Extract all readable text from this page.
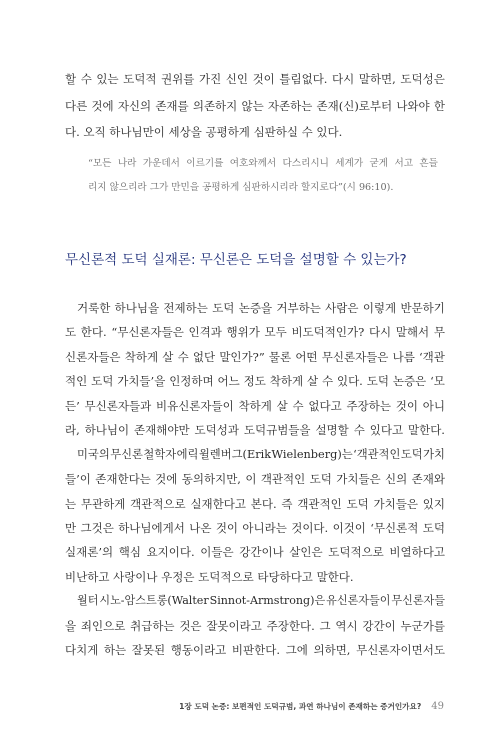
할 수 있는 도덕적 권위를 가진 신인 것이 틀림없다. 다시 말하면, 도덕성은
다른 것에 자신의 존재를 의존하지 않는 자존하는 존재(신)로부터 나와야 한
다. 오직 하나님만이 세상을 공평하게 심판하실 수 있다.
“모든 나라 가운데서 이르기를 여호와께서 다스리시니 세계가 굳게 서고 흔들
리지 않으리라 그가 만민을 공평하게 심판하시리라 할지로다”(시 96:10).
무신론적 도덕 실재론: 무신론은 도덕을 설명할 수 있는가?
거룩한 하나님을 전제하는 도덕 논증을 거부하는 사람은 이렇게 반문하기
도 한다. “무신론자들은 인격과 행위가 모두 비도덕적인가? 다시 말해서 무
신론자들은 착하게 살 수 없단 말인가?” 물론 어떤 무신론자들은 나름 ‘객관
적인 도덕 가치들’을 인정하며 어느 정도 착하게 살 수 있다. 도덕 논증은 ‘모
든’ 무신론자들과 비유신론자들이 착하게 살 수 없다고 주장하는 것이 아니
라, 하나님이 존재해야만 도덕성과 도덕규범들을 설명할 수 있다고 말한다.
미국의 무신론 철학자 에릭 윌렌버그(Erik Wielenberg)는 ‘객관적인 도덕 가치
들’이 존재한다는 것에 동의하지만, 이 객관적인 도덕 가치들은 신의 존재와
는 무관하게 객관적으로 실재한다고 본다. 즉 객관적인 도덕 가치들은 있지
만 그것은 하나님에게서 나온 것이 아니라는 것이다. 이것이 ‘무신론적 도덕
실재론’의 핵심 요지이다. 이들은 강간이나 살인은 도덕적으로 비열하다고
비난하고 사랑이나 우정은 도덕적으로 타당하다고 말한다.
월터 시노-암스트롱(Walter Sinnot-Armstrong)은 유신론자들이 무신론자들
을 죄인으로 취급하는 것은 잘못이라고 주장한다. 그 역시 강간이 누군가를
다치게 하는 잘못된 행동이라고 비판한다. 그에 의하면, 무신론자이면서도
1장 도덕 논증: 보편적인 도덕규범, 과연 하나님이 존재하는 증거인가요? 49
